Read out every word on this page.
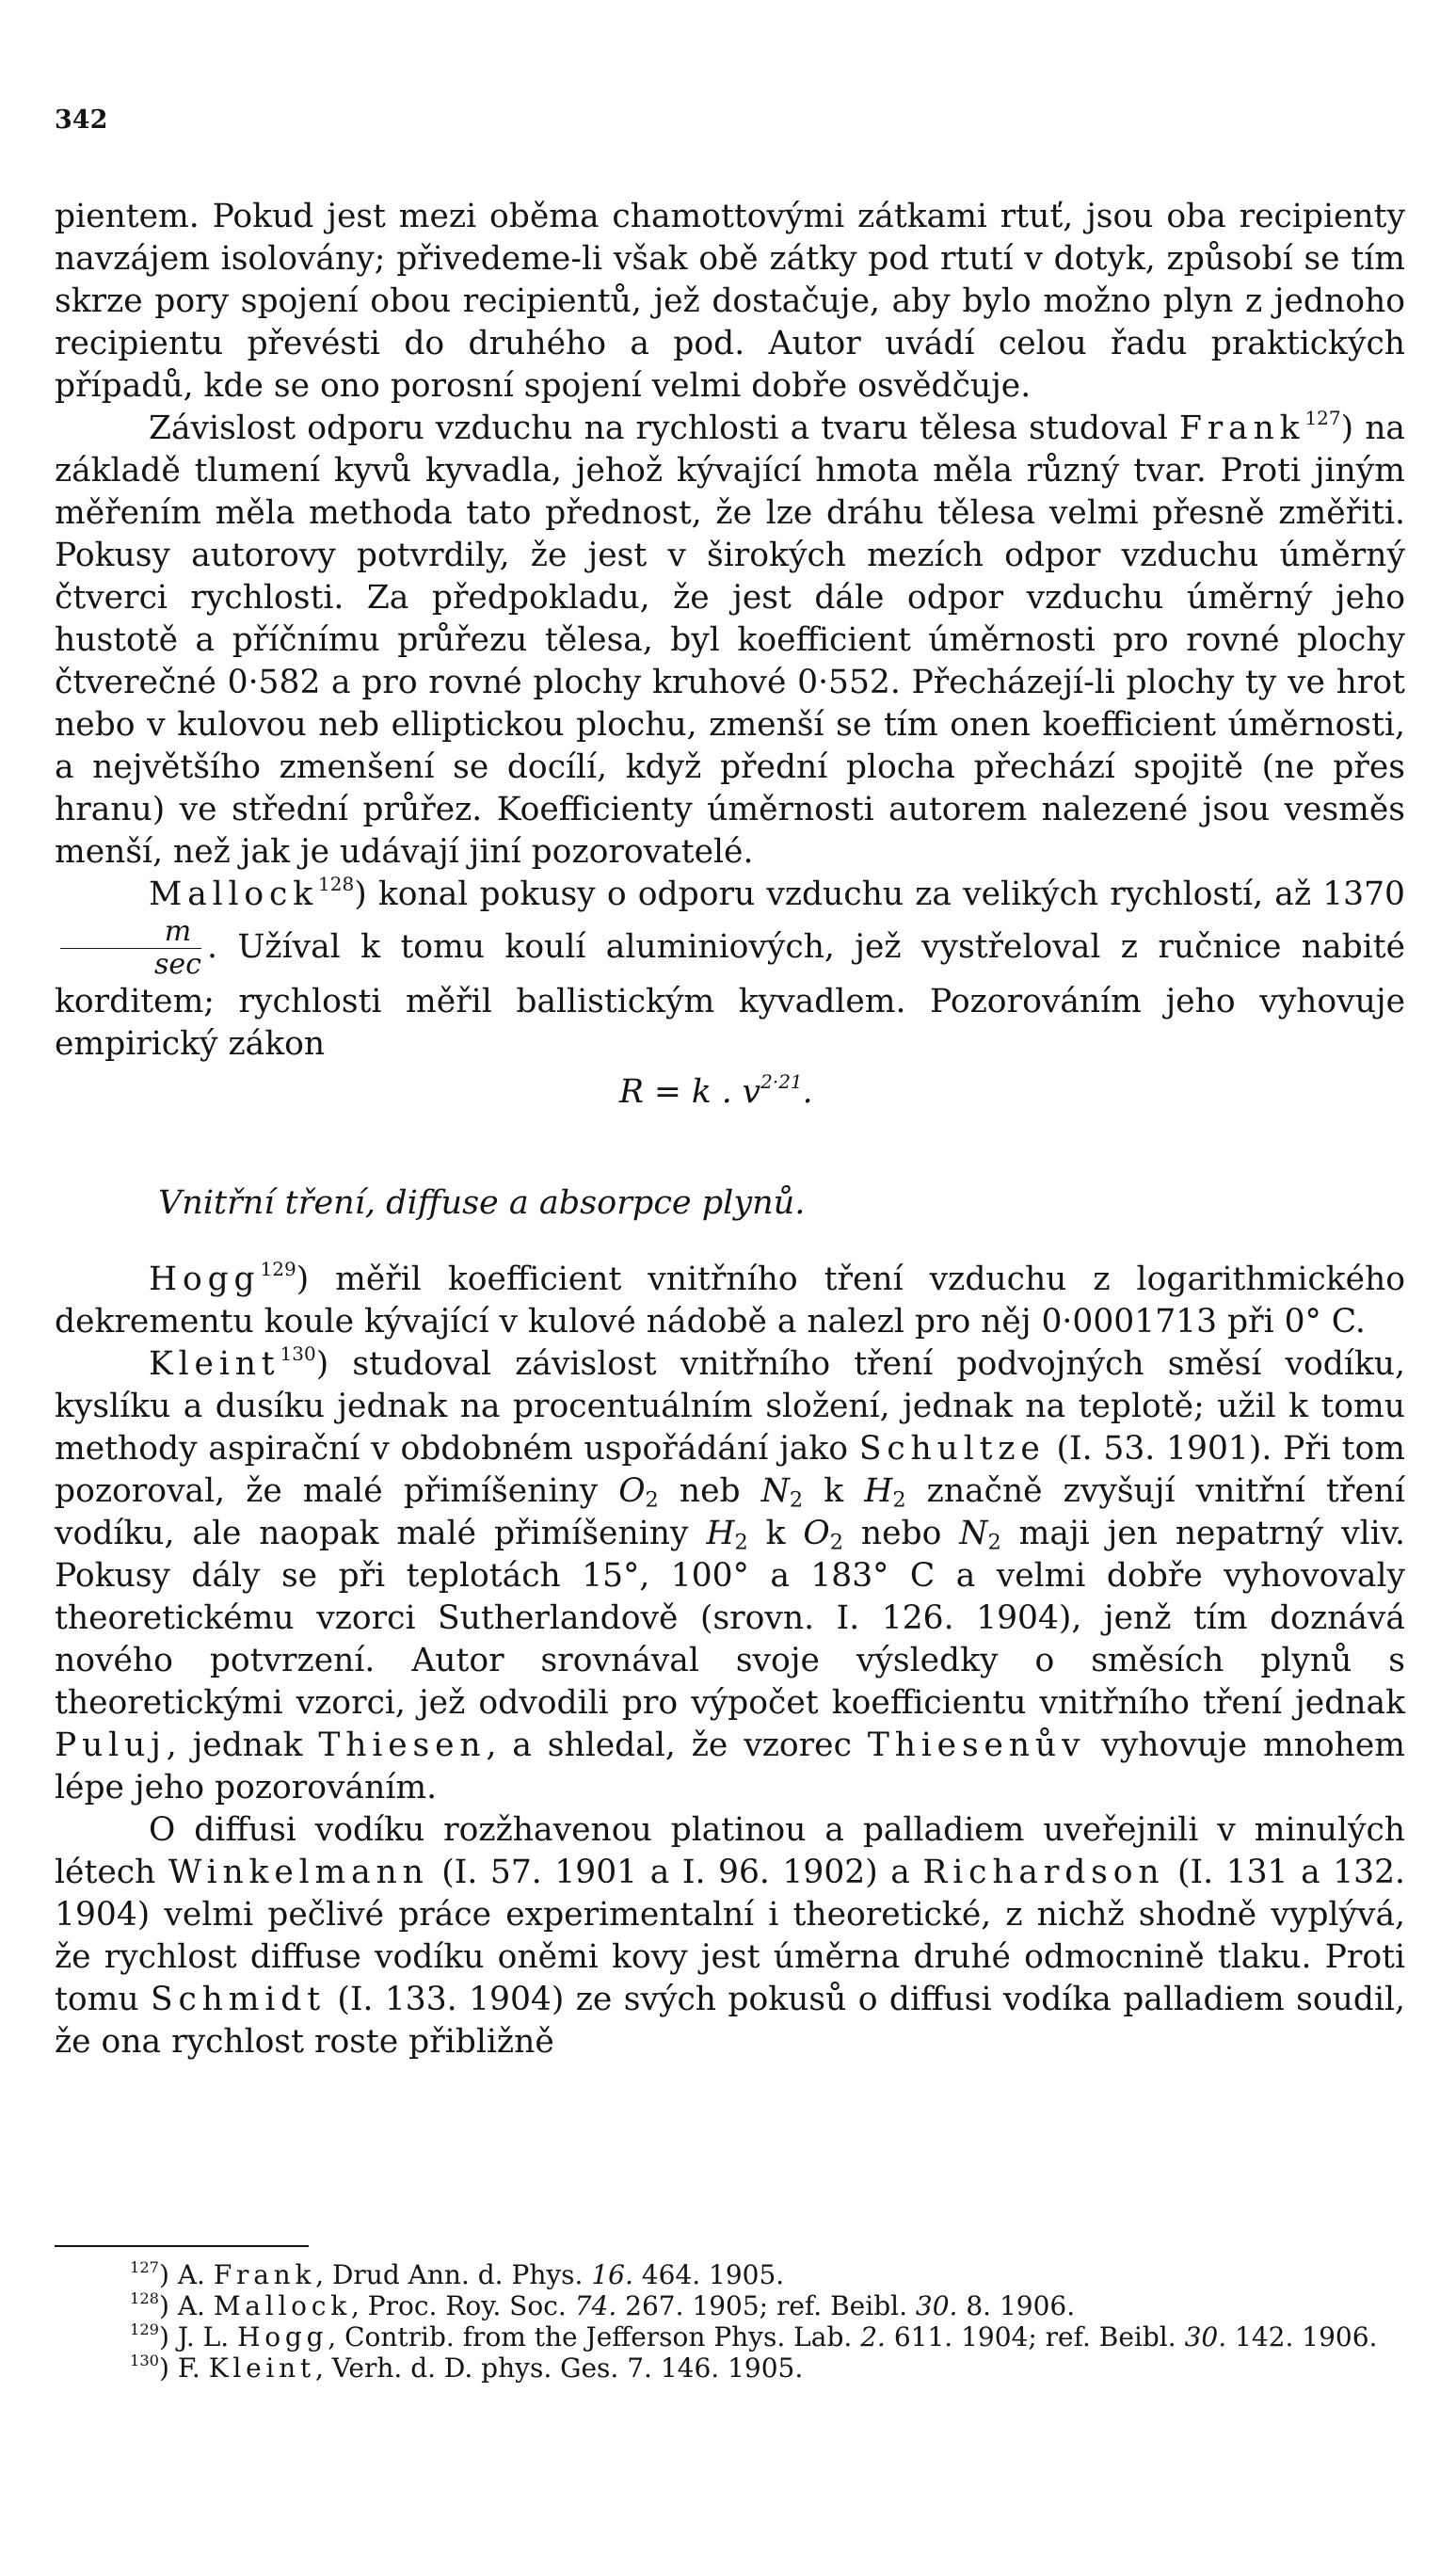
342

pientem. Pokud jest mezi oběma chamottovými zátkami rtuť, jsou oba recipienty navzájem isolovány; přivedeme-li však obě zátky pod rtutí v dotyk, způsobí se tím skrze pory spojení obou recipientů, jež dostačuje, aby bylo možno plyn z jednoho recipientu převésti do druhého a pod. Autor uvádí celou řadu praktických případů, kde se ono porosní spojení velmi dobře osvědčuje.

Závislost odporu vzduchu na rychlosti a tvaru tělesa studoval Frank$^{127}$) na základě tlumení kyvů kyvadla, jehož kývající hmota měla různý tvar. Proti jiným měřením měla methoda tato přednost, že lze dráhu tělesa velmi přesně změřiti. Pokusy autorovy potvrdily, že jest v širokých mezích odpor vzduchu úměrný čtverci rychlosti. Za předpokladu, že jest dále odpor vzduchu úměrný jeho hustotě a příčnímu průřezu tělesa, byl koefficient úměrnosti pro rovné plochy čtverečné 0·582 a pro rovné plochy kruhové 0·552. Přecházejí-li plochy ty ve hrot nebo v kulovou neb elliptickou plochu, zmenší se tím onen koefficient úměrnosti, a největšího zmenšení se docílí, když přední plocha přechází spojitě (ne přes hranu) ve střední průřez. Koefficienty úměrnosti autorem nalezené jsou vesměs menší, než jak je udávají jiní pozorovatelé.

Mallock$^{128}$) konal pokusy o odporu vzduchu za velikých rychlostí, až 1370
$\frac{m}{\sec}$ . Užíval k tomu koulí aluminiových, jež vystřeloval z ručnice nabité korditem; rychlosti měřil ballistickým kyvadlem. Pozorováním jeho vyhovuje empirický zákon

R = k . $v^{2\cdot 21}$.

Vnitřní tření, diffuse a absorpce plynů.

Hogg$^{129}$) měřil koefficient vnitřního tření vzduchu z logarithmického dekrementu koule kývající v kulové nádobě a nalezl pro něj 0·0001713 při 0° C.

Kleint$^{130}$) studoval závislost vnitřního tření podvojných směsí vodíku, kyslíku a dusíku jednak na procentuálním složení, jednak na teplotě; užil k tomu methody aspirační v obdobném uspořádání jako Schultze (I. 53. 1901). Při tom pozoroval, že malé přimíšeniny $O_2$ neb $N_2$ k $H_2$ značně zvyšují vnitřní tření vodíku, ale naopak malé přimíšeniny $H_2$ k $O_2$ nebo $N_2$ maji jen nepatrný vliv. Pokusy dály se při teplotách 15°, 100° a 183° C a velmi dobře vyhovovaly theoretickému vzorci Sutherlandově (srovn. I. 126. 1904), jenž tím doznává nového potvrzení. Autor srovnával svoje výsledky o směsích plynů s theoretickými vzorci, jež odvodili pro výpočet koefficientu vnitřního tření jednak Puluj, jednak Thiesen, a shledal, že vzorec Thiesenův vyhovuje mnohem lépe jeho pozorováním.

O diffusi vodíku rozžhavenou platinou a palladiem uveřejnili v minulých létech Winkelmann (I. 57. 1901 a I. 96. 1902) a Richardson (I. 131 a 132. 1904) velmi pečlivé práce experimentalní i theoretické, z nichž shodně vyplývá, že rychlost diffuse vodíku oněmi kovy jest úměrna druhé odmocnině tlaku. Proti tomu Schmidt (I. 133. 1904) ze svých pokusů o diffusi vodíka palladiem soudil, že ona rychlost roste přibližně

$^{127}$) A. Frank, Drud Ann. d. Phys. 16. 464. 1905.

$^{128}$) A. Mallock, Proc. Roy. Soc. 74. 267. 1905; ref. Beibl. 30. 8. 1906.

$^{129}$) J. L. Hogg, Contrib. from the Jefferson Phys. Lab. 2. 611. 1904; ref. Beibl. 30. 142. 1906.

$^{130}$) F. Kleint, Verh. d. D. phys. Ges. 7. 146. 1905.
